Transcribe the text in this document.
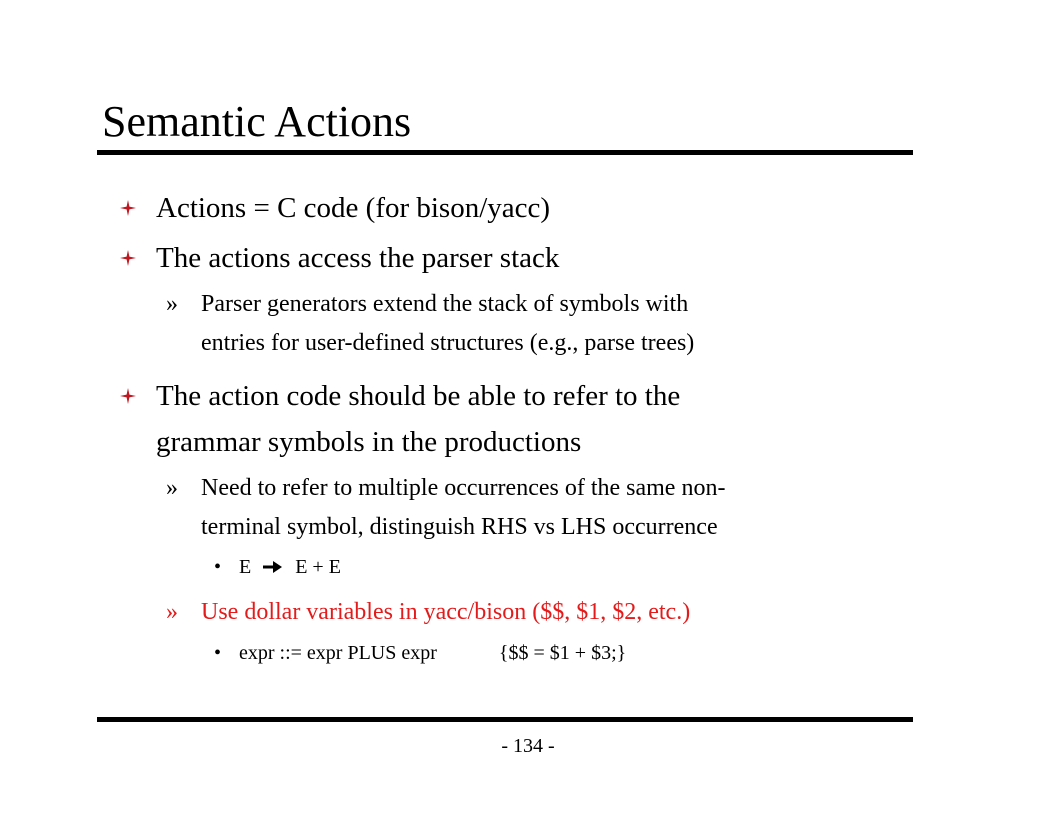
Semantic Actions
Actions = C code (for bison/yacc)
The actions access the parser stack
» Parser generators extend the stack of symbols with
entries for user-defined structures (e.g., parse trees)
The action code should be able to refer to the
grammar symbols in the productions
» Need to refer to multiple occurrences of the same non-
terminal symbol, distinguish RHS vs LHS occurrence
• E E + E
» Use dollar variables in yacc/bison ($$, $1, $2, etc.)
• expr ::= expr PLUS expr	{$$ = $1 + $3;}
- 134 -
